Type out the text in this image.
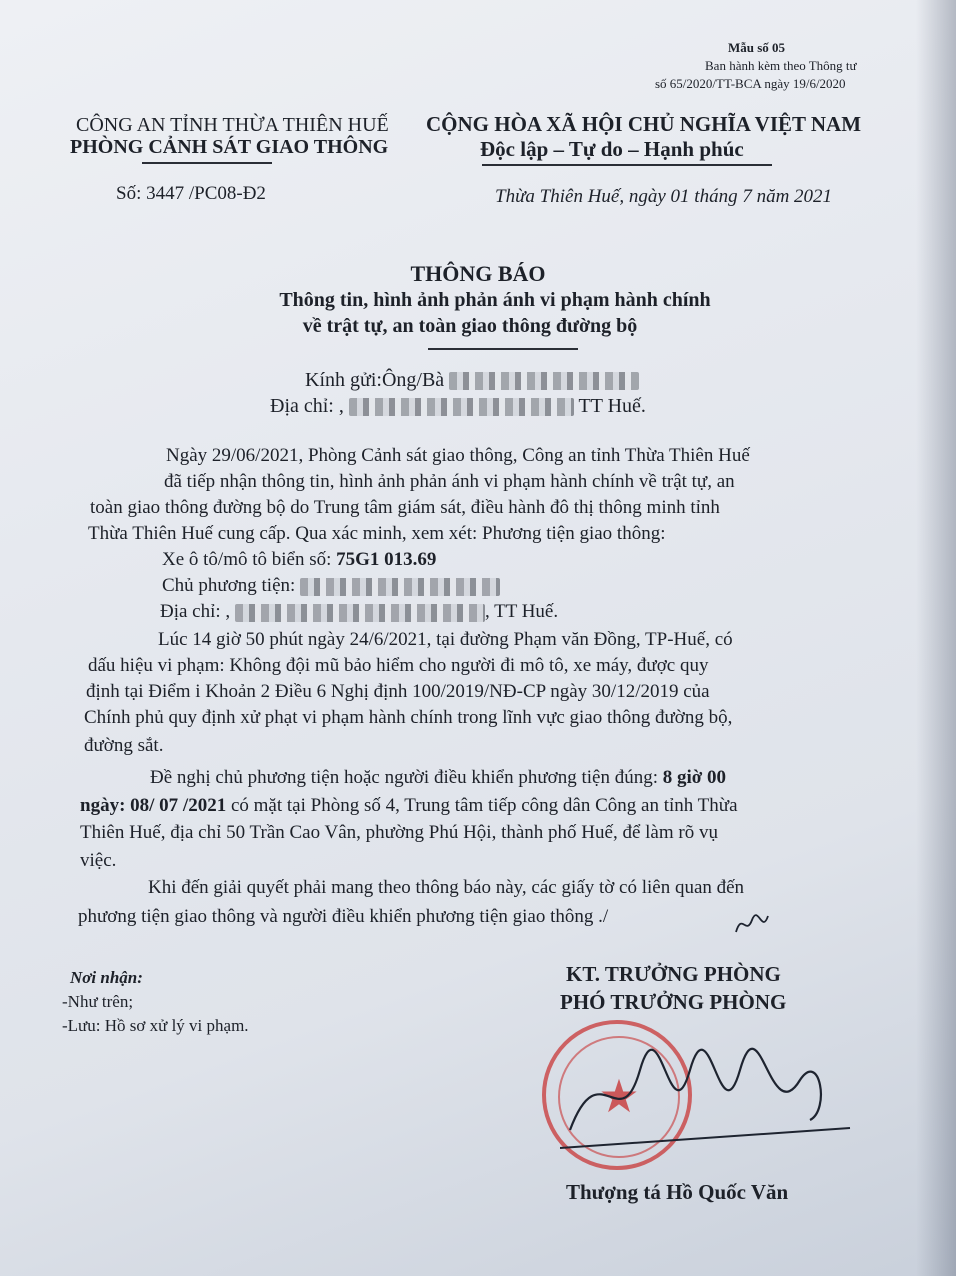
Mẫu số 05
Ban hành kèm theo Thông tư
số 65/2020/TT-BCA ngày 19/6/2020
CÔNG AN TỈNH THỪA THIÊN HUẾ
PHÒNG CẢNH SÁT GIAO THÔNG
CỘNG HÒA XÃ HỘI CHỦ NGHĨA VIỆT NAM
Độc lập – Tự do – Hạnh phúc
Số: 3447 /PC08-Đ2	Thừa Thiên Huế, ngày 01 tháng 7 năm 2021
THÔNG BÁO
Thông tin, hình ảnh phản ánh vi phạm hành chính
về trật tự, an toàn giao thông đường bộ
Kính gửi:Ông/Bà
Địa chỉ: ,	TT Huế.
Ngày 29/06/2021, Phòng Cảnh sát giao thông, Công an tỉnh Thừa Thiên Huế
đã tiếp nhận thông tin, hình ảnh phản ánh vi phạm hành chính về trật tự, an
toàn giao thông đường bộ do Trung tâm giám sát, điều hành đô thị thông minh tỉnh
Thừa Thiên Huế cung cấp. Qua xác minh, xem xét: Phương tiện giao thông:
Xe ô tô/mô tô biển số: 75G1 013.69
Chủ phương tiện:
Địa chỉ: ,	, TT Huế.
Lúc 14 giờ 50 phút ngày 24/6/2021, tại đường Phạm văn Đồng, TP-Huế, có
dấu hiệu vi phạm: Không đội mũ bảo hiểm cho người đi mô tô, xe máy, được quy
định tại Điểm i Khoản 2 Điều 6 Nghị định 100/2019/NĐ-CP ngày 30/12/2019 của
Chính phủ quy định xử phạt vi phạm hành chính trong lĩnh vực giao thông đường bộ,
đường sắt.
Đề nghị chủ phương tiện hoặc người điều khiển phương tiện đúng: 8 giờ 00
ngày: 08/ 07 /2021 có mặt tại Phòng số 4, Trung tâm tiếp công dân Công an tỉnh Thừa
Thiên Huế, địa chỉ 50 Trần Cao Vân, phường Phú Hội, thành phố Huế, để làm rõ vụ
việc.
Khi đến giải quyết phải mang theo thông báo này, các giấy tờ có liên quan đến
phương tiện giao thông và người điều khiển phương tiện giao thông ./
Nơi nhận:
-Như trên;
-Lưu: Hồ sơ xử lý vi phạm.
KT. TRƯỞNG PHÒNG
PHÓ TRƯỞNG PHÒNG
★
Thượng tá Hồ Quốc Văn
